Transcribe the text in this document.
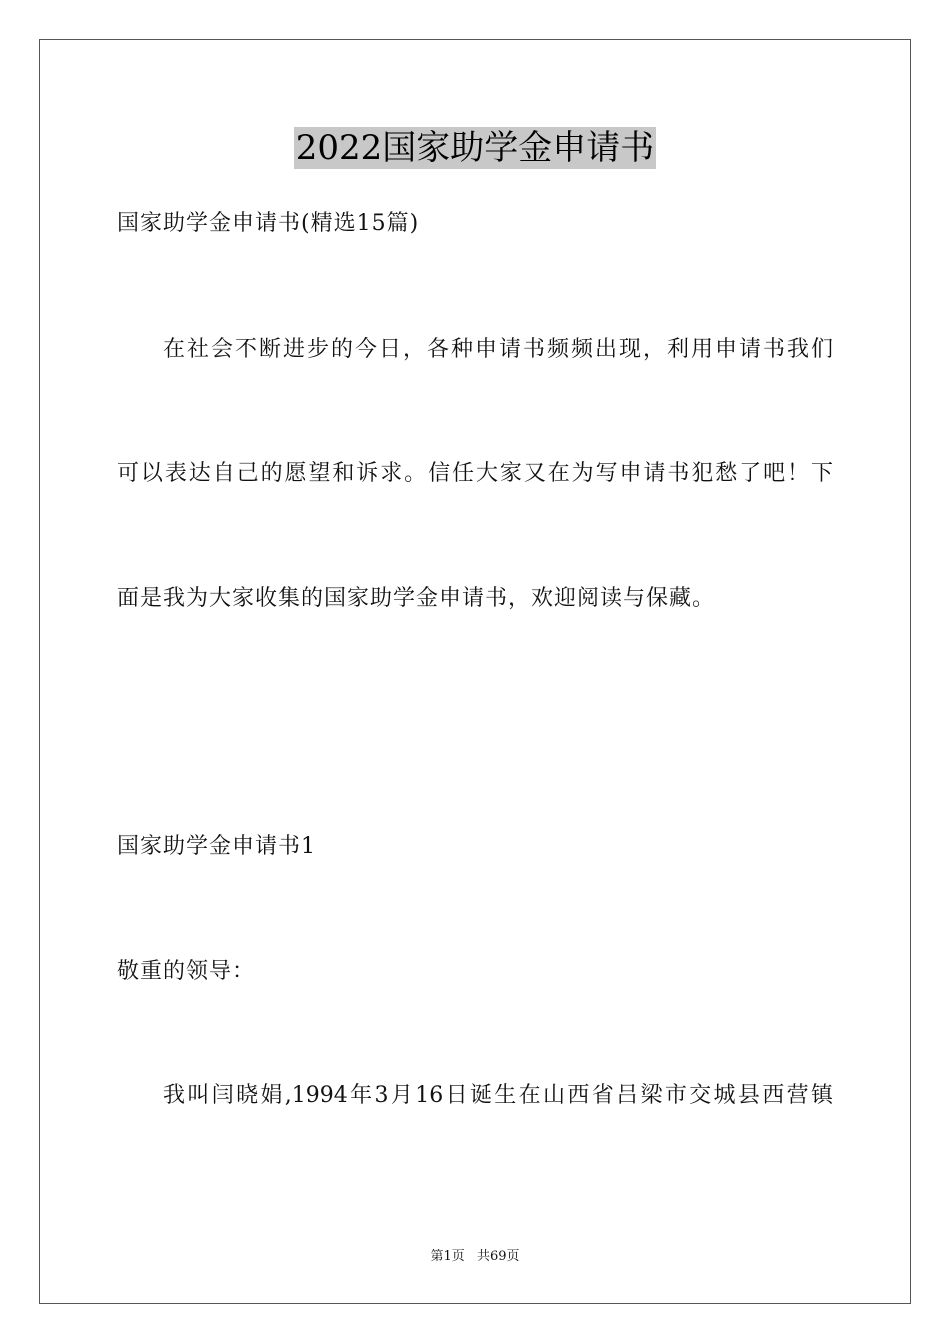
2022国家助学金申请书
国家助学金申请书(精选15篇)
在社会不断进步的今日，各种申请书频频出现，利用申请书我们
可以表达自己的愿望和诉求。信任大家又在为写申请书犯愁了吧！下
面是我为大家收集的国家助学金申请书，欢迎阅读与保藏。
国家助学金申请书1
敬重的领导：
我叫闫晓娟,1994年3月16日诞生在山西省吕梁市交城县西营镇
第1页 共69页
